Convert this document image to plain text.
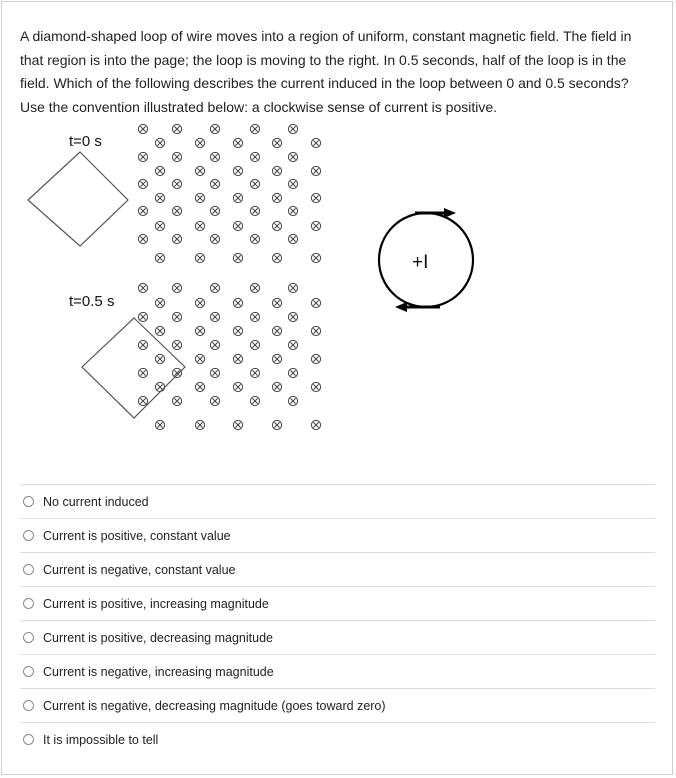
A diamond-shaped loop of wire moves into a region of uniform, constant magnetic field. The field in that region is into the page; the loop is moving to the right. In 0.5 seconds, half of the loop is in the field. Which of the following describes the current induced in the loop between 0 and 0.5 seconds? Use the convention illustrated below: a clockwise sense of current is positive.

t=0 s
t=0.5 s
+I
No current induced
Current is positive, constant value
Current is negative, constant value
Current is positive, increasing magnitude
Current is positive, decreasing magnitude
Current is negative, increasing magnitude
Current is negative, decreasing magnitude (goes toward zero)
It is impossible to tell
